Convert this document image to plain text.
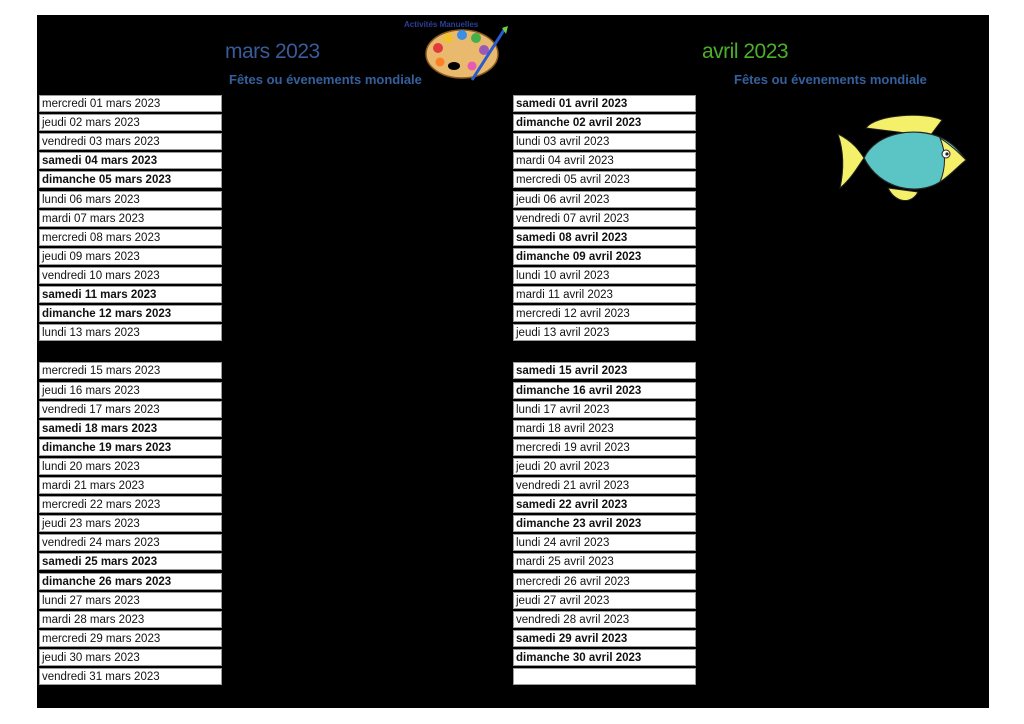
mars 2023	avril 2023

Fêtes ou évenements mondiale	Fêtes ou évenements mondiale

Activités Manuelles
mercredi 01 mars 2023
jeudi 02 mars 2023
vendredi 03 mars 2023
samedi 04 mars 2023
dimanche 05 mars 2023
lundi 06 mars 2023
mardi 07 mars 2023
mercredi 08 mars 2023
jeudi 09 mars 2023
vendredi 10 mars 2023
samedi 11 mars 2023
dimanche 12 mars 2023
lundi 13 mars 2023
mercredi 15 mars 2023
jeudi 16 mars 2023
vendredi 17 mars 2023
samedi 18 mars 2023
dimanche 19 mars 2023
lundi 20 mars 2023
mardi 21 mars 2023
mercredi 22 mars 2023
jeudi 23 mars 2023
vendredi 24 mars 2023
samedi 25 mars 2023
dimanche 26 mars 2023
lundi 27 mars 2023
mardi 28 mars 2023
mercredi 29 mars 2023
jeudi 30 mars 2023
vendredi 31 mars 2023
samedi 01 avril 2023
dimanche 02 avril 2023
lundi 03 avril 2023
mardi 04 avril 2023
mercredi 05 avril 2023
jeudi 06 avril 2023
vendredi 07 avril 2023
samedi 08 avril 2023
dimanche 09 avril 2023
lundi 10 avril 2023
mardi 11 avril 2023
mercredi 12 avril 2023
jeudi 13 avril 2023
samedi 15 avril 2023
dimanche 16 avril 2023
lundi 17 avril 2023
mardi 18 avril 2023
mercredi 19 avril 2023
jeudi 20 avril 2023
vendredi 21 avril 2023
samedi 22 avril 2023
dimanche 23 avril 2023
lundi 24 avril 2023
mardi 25 avril 2023
mercredi 26 avril 2023
jeudi 27 avril 2023
vendredi 28 avril 2023
samedi 29 avril 2023
dimanche 30 avril 2023
